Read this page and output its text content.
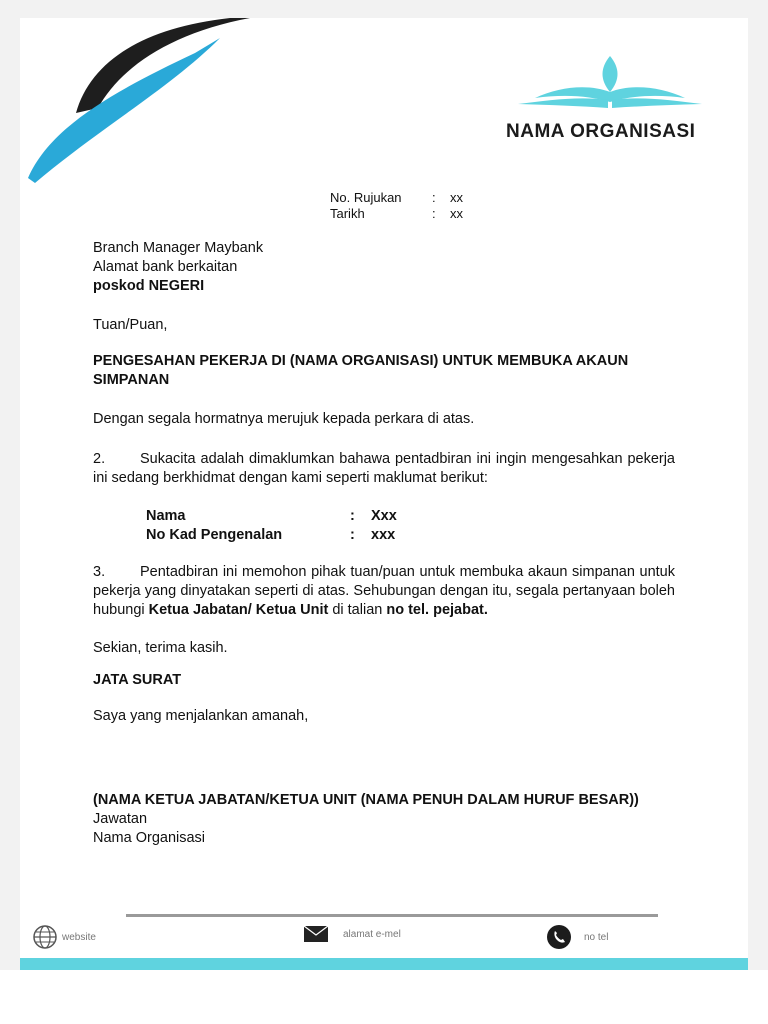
NAMA ORGANISASI
No. Rujukan	:	xx
Tarikh	:	xx
Branch Manager Maybank
Alamat bank berkaitan
poskod NEGERI
Tuan/Puan,
PENGESAHAN PEKERJA DI (NAMA ORGANISASI) UNTUK MEMBUKA AKAUN SIMPANAN
Dengan segala hormatnya merujuk kepada perkara di atas.
2. Sukacita adalah dimaklumkan bahawa pentadbiran ini ingin mengesahkan pekerja ini sedang berkhidmat dengan kami seperti maklumat berikut:
Nama	:	Xxx
No Kad Pengenalan	:	xxx
3. Pentadbiran ini memohon pihak tuan/puan untuk membuka akaun simpanan untuk pekerja yang dinyatakan seperti di atas. Sehubungan dengan itu, segala pertanyaan boleh hubungi Ketua Jabatan/ Ketua Unit di talian no tel. pejabat.
Sekian, terima kasih.
JATA SURAT
Saya yang menjalankan amanah,
(NAMA KETUA JABATAN/KETUA UNIT (NAMA PENUH DALAM HURUF BESAR))
Jawatan
Nama Organisasi
website	alamat e-mel	no tel
